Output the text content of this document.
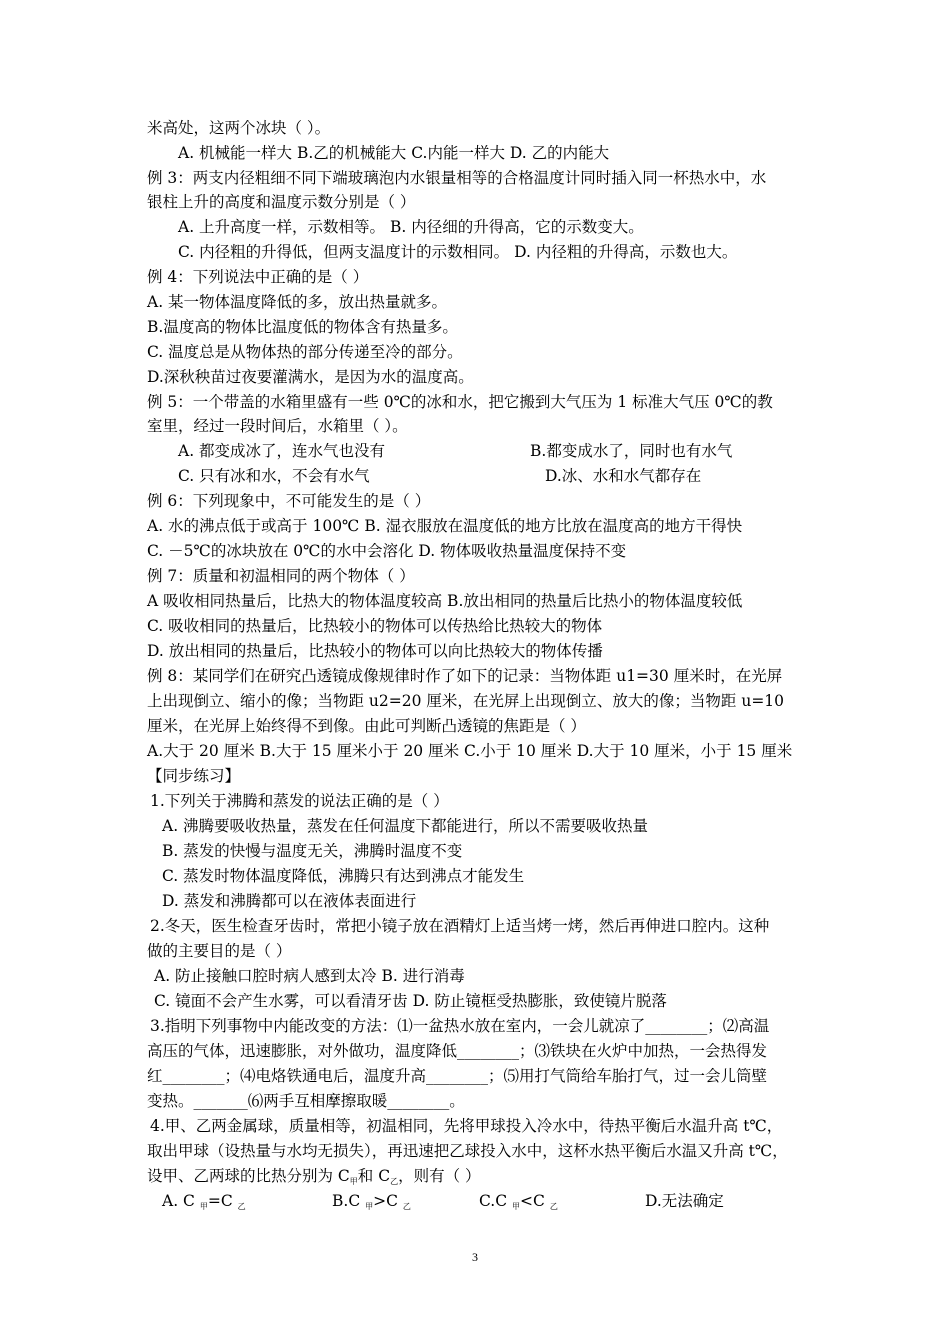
米高处，这两个冰块（ ）。
A. 机械能一样大 B.乙的机械能大 C.内能一样大 D. 乙的内能大
例 3：两支内径粗细不同下端玻璃泡内水银量相等的合格温度计同时插入同一杯热水中，水
银柱上升的高度和温度示数分别是（ ）
A. 上升高度一样，示数相等。 B. 内径细的升得高，它的示数变大。
C. 内径粗的升得低，但两支温度计的示数相同。 D. 内径粗的升得高，示数也大。
例 4：下列说法中正确的是（ ）
A. 某一物体温度降低的多，放出热量就多。
B.温度高的物体比温度低的物体含有热量多。
C. 温度总是从物体热的部分传递至冷的部分。
D.深秋秧苗过夜要灌满水，是因为水的温度高。
例 5：一个带盖的水箱里盛有一些 0℃的冰和水，把它搬到大气压为 1 标准大气压 0℃的教
室里，经过一段时间后，水箱里（ ）。
A. 都变成冰了，连水气也没有	B.都变成水了，同时也有水气
C. 只有冰和水，不会有水气	D.冰、水和水气都存在
例 6：下列现象中，不可能发生的是（ ）
A. 水的沸点低于或高于 100℃ B. 湿衣服放在温度低的地方比放在温度高的地方干得快
C. －5℃的冰块放在 0℃的水中会溶化 D. 物体吸收热量温度保持不变
例 7：质量和初温相同的两个物体（ ）
A 吸收相同热量后，比热大的物体温度较高 B.放出相同的热量后比热小的物体温度较低
C. 吸收相同的热量后，比热较小的物体可以传热给比热较大的物体
D. 放出相同的热量后，比热较小的物体可以向比热较大的物体传播
例 8：某同学们在研究凸透镜成像规律时作了如下的记录：当物体距 u1=30 厘米时，在光屏
上出现倒立、缩小的像；当物距 u2=20 厘米，在光屏上出现倒立、放大的像；当物距 u=10
厘米，在光屏上始终得不到像。由此可判断凸透镜的焦距是（ ）
A.大于 20 厘米 B.大于 15 厘米小于 20 厘米 C.小于 10 厘米 D.大于 10 厘米，小于 15 厘米
【同步练习】
1.下列关于沸腾和蒸发的说法正确的是（ ）
A. 沸腾要吸收热量，蒸发在任何温度下都能进行，所以不需要吸收热量
B. 蒸发的快慢与温度无关，沸腾时温度不变
C. 蒸发时物体温度降低，沸腾只有达到沸点才能发生
D. 蒸发和沸腾都可以在液体表面进行
2.冬天，医生检查牙齿时，常把小镜子放在酒精灯上适当烤一烤，然后再伸进口腔内。这种
做的主要目的是（ ）
A. 防止接触口腔时病人感到太冷 B. 进行消毒
C. 镜面不会产生水雾，可以看清牙齿 D. 防止镜框受热膨胀，致使镜片脱落
3.指明下列事物中内能改变的方法：⑴一盆热水放在室内，一会儿就凉了________；⑵高温
高压的气体，迅速膨胀，对外做功，温度降低________；⑶铁块在火炉中加热，一会热得发
红________；⑷电烙铁通电后，温度升高________；⑸用打气筒给车胎打气，过一会儿筒壁
变热。_______⑹两手互相摩擦取暖________。
4.甲、乙两金属球，质量相等，初温相同，先将甲球投入冷水中，待热平衡后水温升高 t℃，
取出甲球（设热量与水均无损失），再迅速把乙球投入水中，这杯水热平衡后水温又升高 t℃，
设甲、乙两球的比热分别为 $C_甲$和 $C_乙$，则有（ ）
A. C $_甲$=C $_乙$	B.C $_甲$>C $_乙$	C.C $_甲$<C $_乙$	D.无法确定
3
